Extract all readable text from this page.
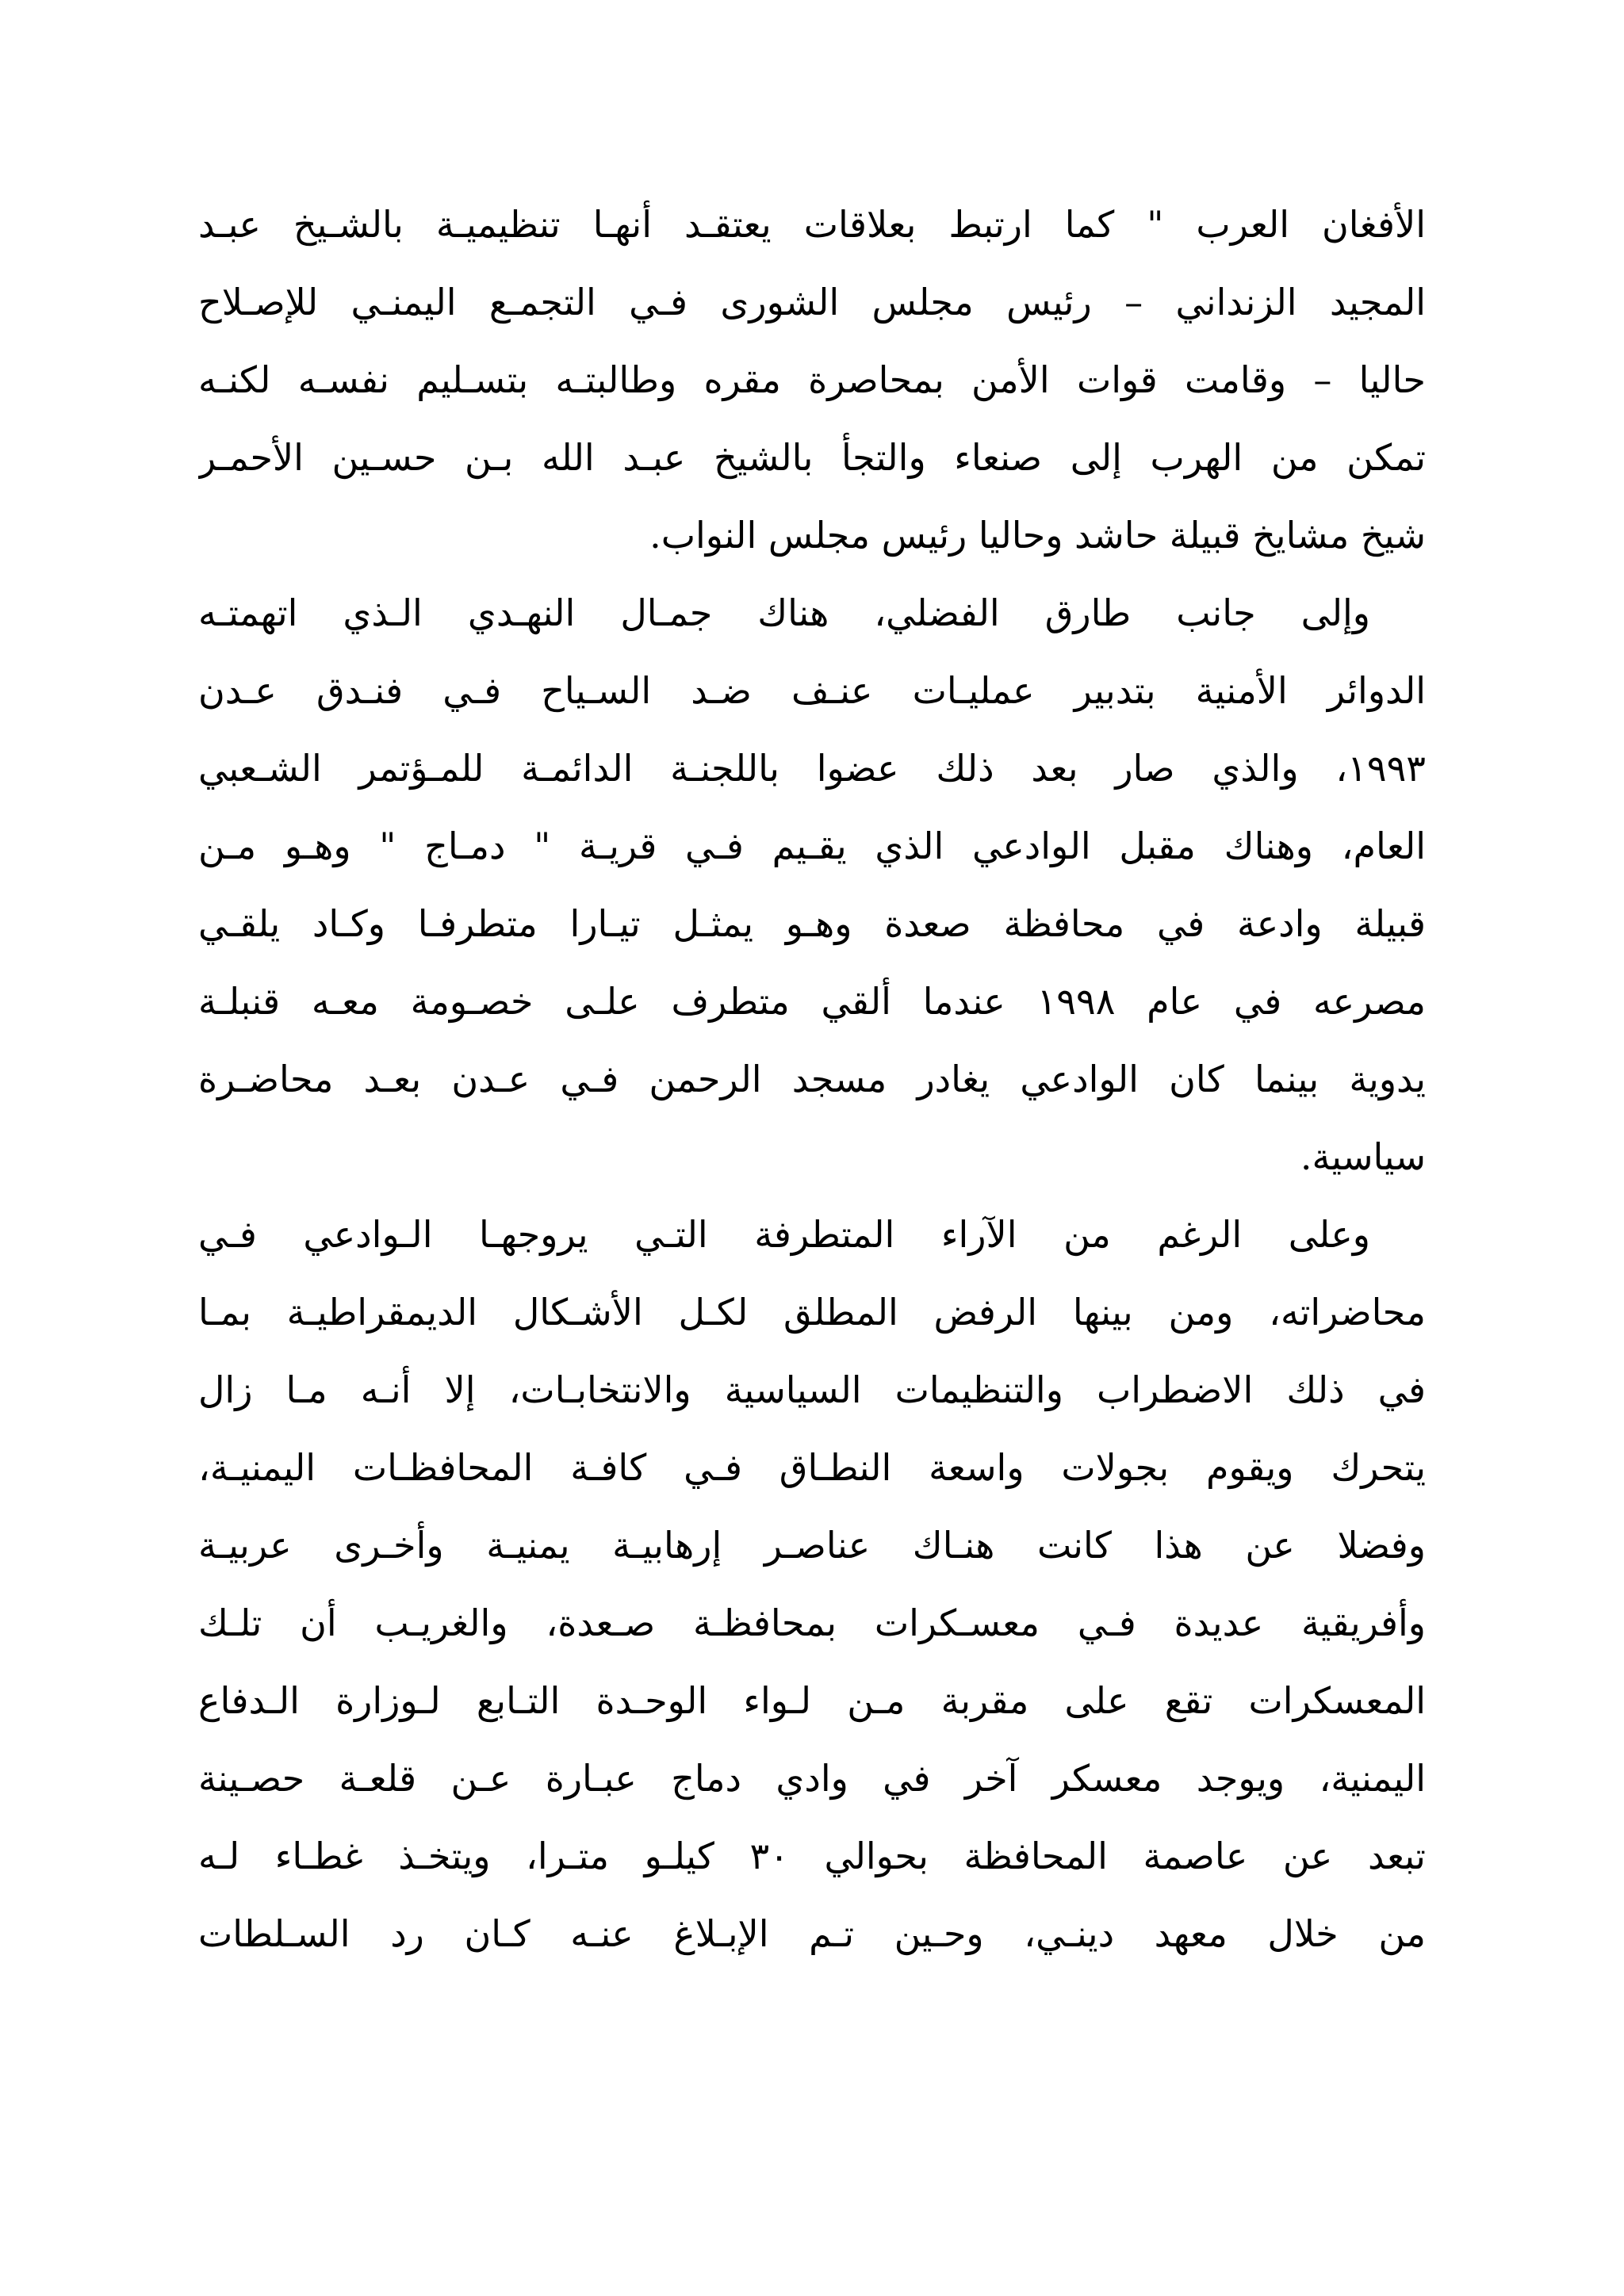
الأفغان العرب " كما ارتبط بعلاقات يعتقـد أنهـا تنظيميـة بالشـيخ عبـد
المجيد الزنداني – رئيس مجلس الشورى فـي التجمـع اليمنـي للإصـلاح
حاليا – وقامت قوات الأمن بمحاصرة مقره وطالبتـه بتسـليم نفسـه لكنـه
تمكن من الهرب إلى صنعاء والتجأ بالشيخ عبـد الله بـن حسـين الأحمـر
شيخ مشايخ قبيلة حاشد وحاليا رئيس مجلس النواب.
وإلى جانب طارق الفضلي، هناك جمـال النهـدي الـذي اتهمتـه
الدوائر الأمنية بتدبير عمليـات عنـف ضـد السـياح فـي فنـدق عـدن
١٩٩٣، والذي صار بعد ذلك عضوا باللجنـة الدائمـة للمـؤتمر الشـعبي
العام، وهناك مقبل الوادعي الذي يقـيم فـي قريـة " دمـاج " وهـو مـن
قبيلة وادعة في محافظة صعدة وهـو يمثـل تيـارا متطرفـا وكـاد يلقـي
مصرعه في عام ١٩٩٨ عندما ألقي متطرف علـى خصـومة معـه قنبلـة
يدوية بينما كان الوادعي يغادر مسجد الرحمن فـي عـدن بعـد محاضـرة
سياسية.
وعلى الرغم من الآراء المتطرفة التـي يروجهـا الـوادعي فـي
محاضراته، ومن بينها الرفض المطلق لكـل الأشـكال الديمقراطيـة بمـا
في ذلك الاضطراب والتنظيمات السياسية والانتخابـات، إلا أنـه مـا زال
يتحرك ويقوم بجولات واسعة النطـاق فـي كافـة المحافظـات اليمنيـة،
وفضلا عن هذا كانت هنـاك عناصـر إرهابيـة يمنيـة وأخـرى عربيـة
وأفريقية عديدة فـي معسـكرات بمحافظـة صـعدة، والغريـب أن تلـك
المعسكرات تقع على مقربة مـن لـواء الوحـدة التـابع لـوزارة الـدفاع
اليمنية، ويوجد معسكر آخر في وادي دماج عبـارة عـن قلعـة حصـينة
تبعد عن عاصمة المحافظة بحوالي ٣٠ كيلـو متـرا، ويتخـذ غطـاء لـه
من خلال معهد دينـي، وحـين تـم الإبـلاغ عنـه كـان رد السـلطات
